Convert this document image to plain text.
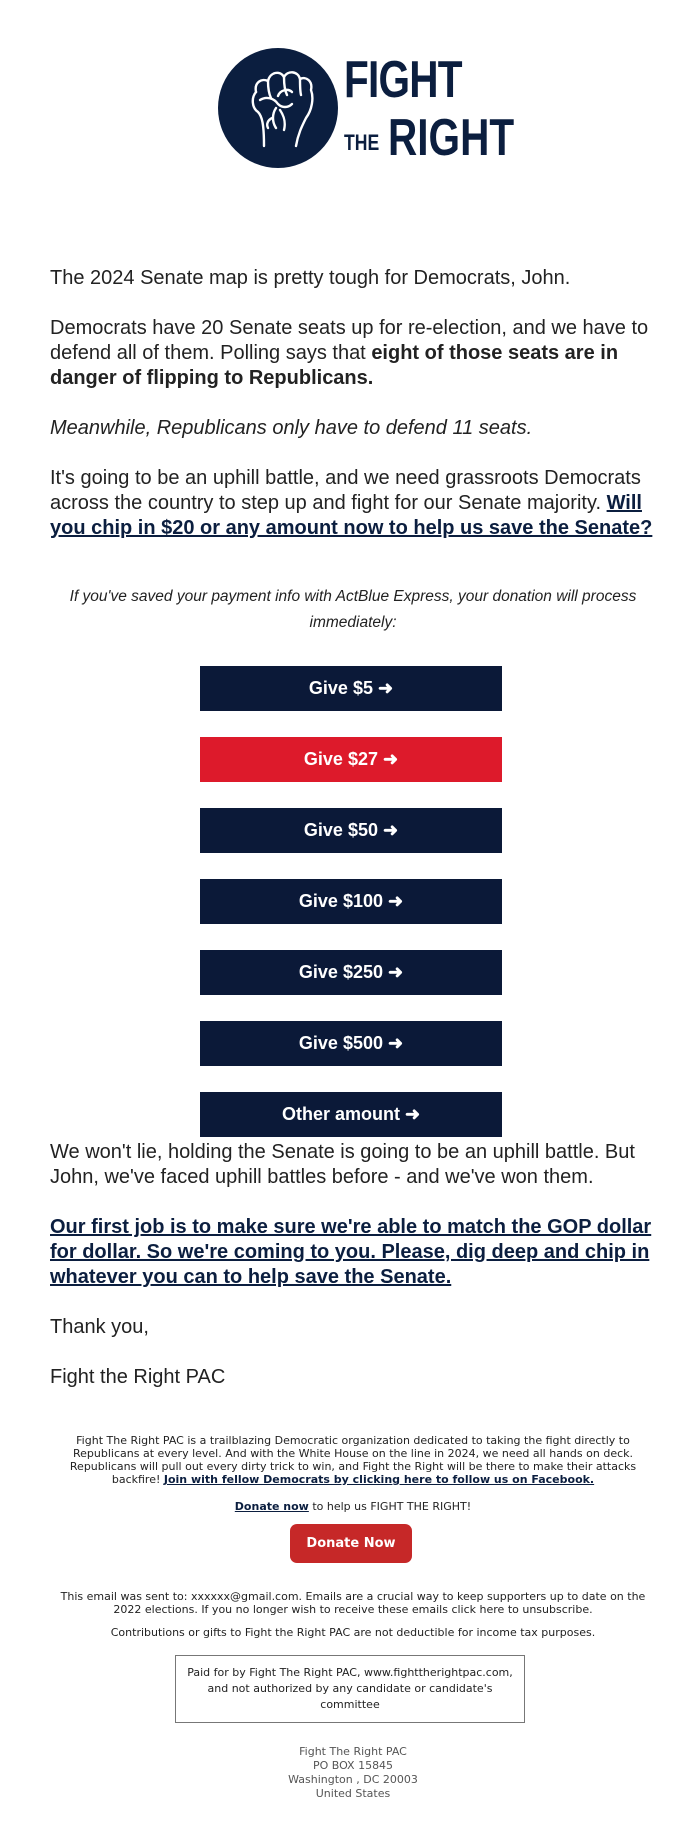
FIGHT
THE RIGHT

The 2024 Senate map is pretty tough for Democrats, John.

Democrats have 20 Senate seats up for re-election, and we have to defend all of them. Polling says that eight of those seats are in danger of flipping to Republicans.

Meanwhile, Republicans only have to defend 11 seats.

It's going to be an uphill battle, and we need grassroots Democrats across the country to step up and fight for our Senate majority. Will you chip in $20 or any amount now to help us save the Senate?

If you've saved your payment info with ActBlue Express, your donation will process immediately:
Give $5 ➜
Give $27 ➜
Give $50 ➜
Give $100 ➜
Give $250 ➜
Give $500 ➜
Other amount ➜

We won't lie, holding the Senate is going to be an uphill battle. But John, we've faced uphill battles before - and we've won them.

Our first job is to make sure we're able to match the GOP dollar for dollar. So we're coming to you. Please, dig deep and chip in whatever you can to help save the Senate.

Thank you,

Fight the Right PAC

Fight The Right PAC is a trailblazing Democratic organization dedicated to taking the fight directly to Republicans at every level. And with the White House on the line in 2024, we need all hands on deck. Republicans will pull out every dirty trick to win, and Fight the Right will be there to make their attacks backfire! Join with fellow Democrats by clicking here to follow us on Facebook.
Donate now to help us FIGHT THE RIGHT!
Donate Now
This email was sent to: xxxxxx@gmail.com. Emails are a crucial way to keep supporters up to date on the 2022 elections. If you no longer wish to receive these emails click here to unsubscribe.
Contributions or gifts to Fight the Right PAC are not deductible for income tax purposes.
Paid for by Fight The Right PAC, www.fighttherightpac.com, and not authorized by any candidate or candidate's committee
Fight The Right PAC
PO BOX 15845
Washington , DC 20003
United States
